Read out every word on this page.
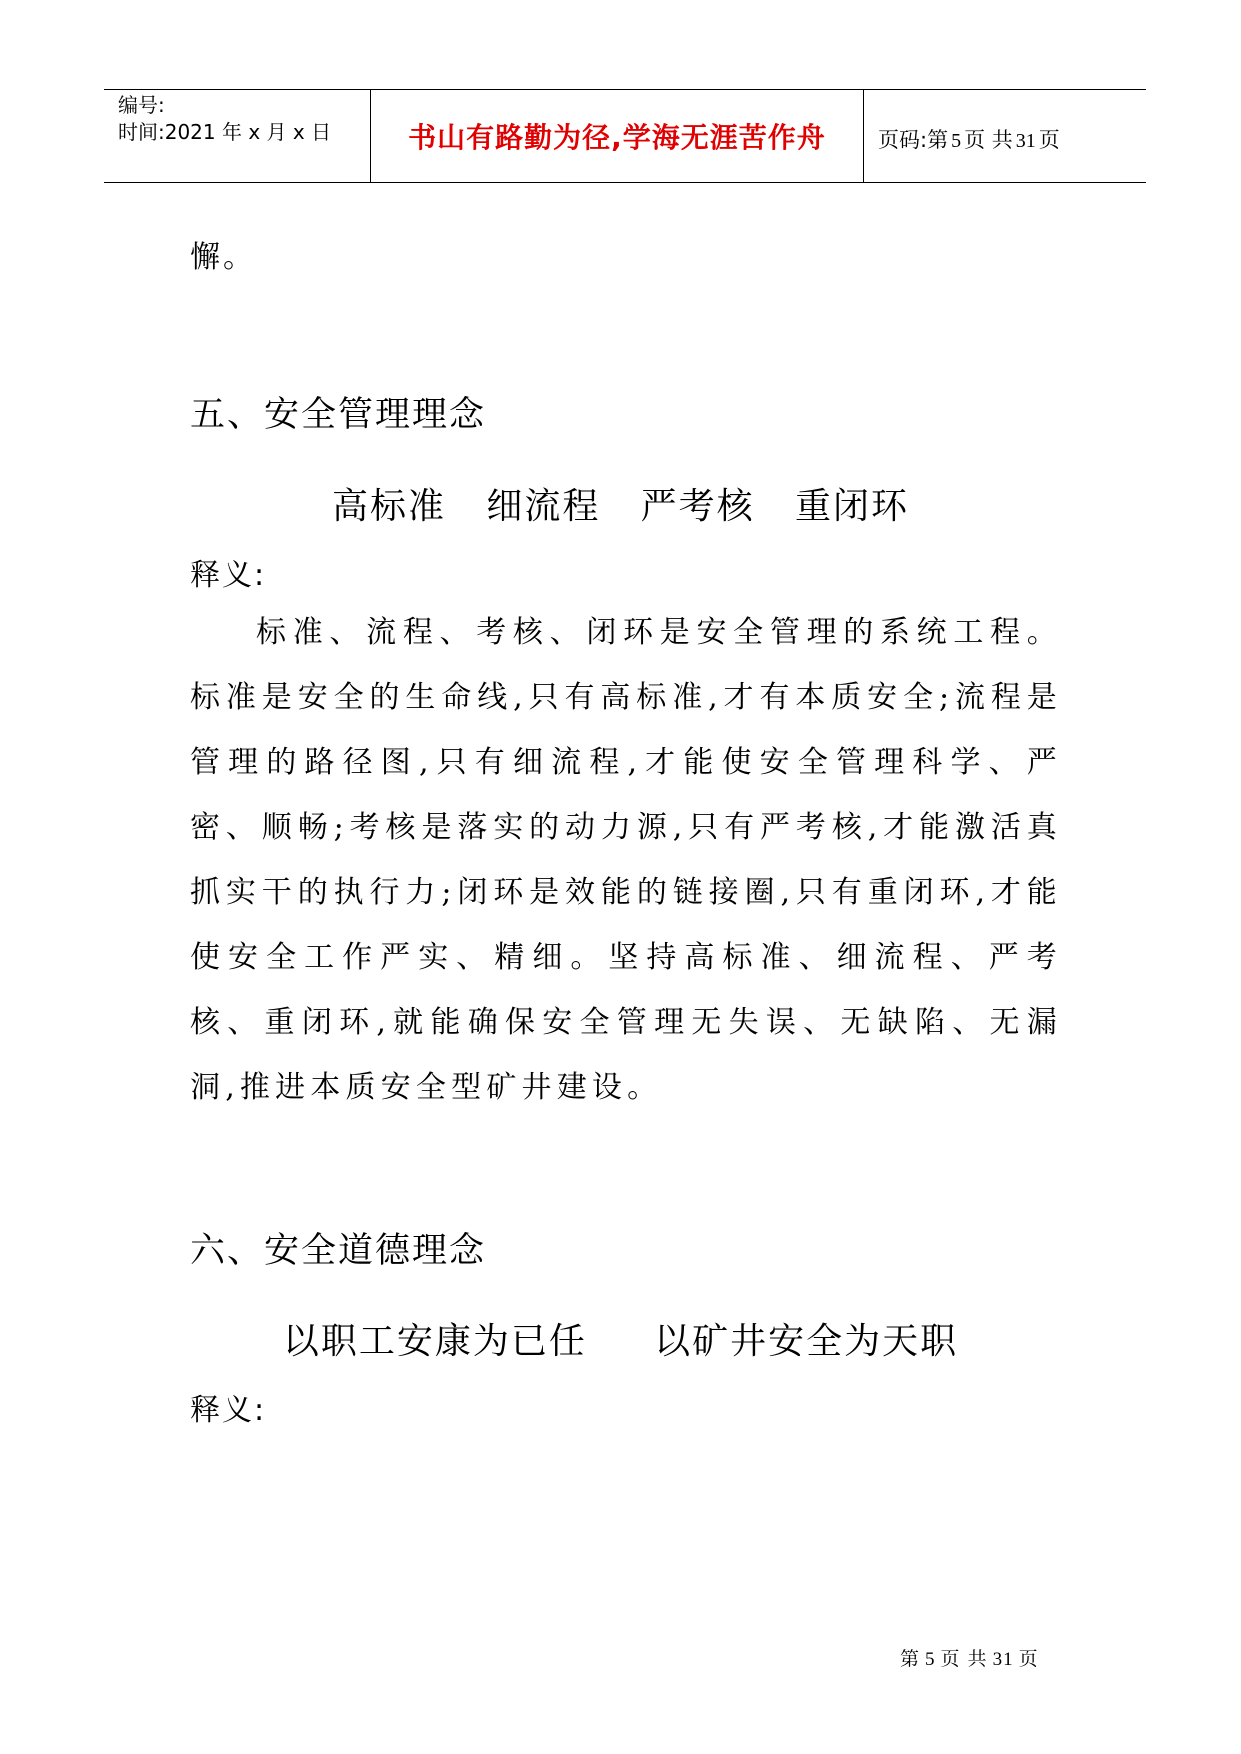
编号:
时间:2021 年 x 月 x 日	书山有路勤为径,学海无涯苦作舟	页码:第 5 页 共 31 页
懈。
五、安全管理理念
高标准   细流程   严考核   重闭环
释义:
标准、流程、考核、闭环是安全管理的系统工程。标准是安全的生命线,只有高标准,才有本质安全;流程是管理的路径图,只有细流程,才能使安全管理科学、严密、顺畅;考核是落实的动力源,只有严考核,才能激活真抓实干的执行力;闭环是效能的链接圈,只有重闭环,才能使安全工作严实、精细。坚持高标准、细流程、严考核、重闭环,就能确保安全管理无失误、无缺陷、无漏洞,推进本质安全型矿井建设。
六、安全道德理念
以职工安康为已任     以矿井安全为天职
释义:
第 5 页 共 31 页
